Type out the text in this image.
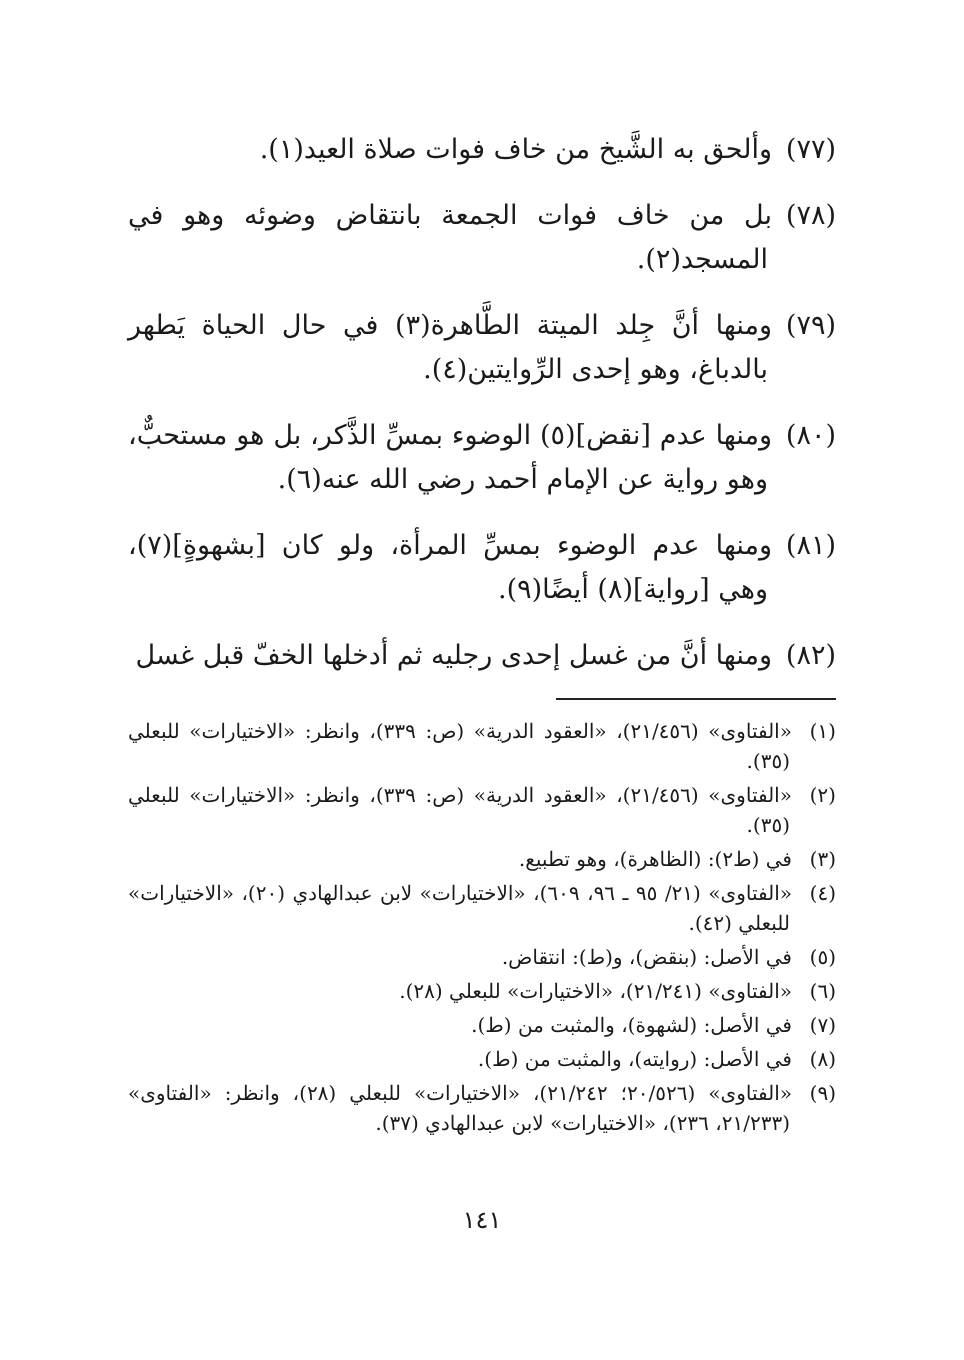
(٧٧)وألحق به الشَّيخ من خاف فوات صلاة العيد(١).

(٧٨)بل من خاف فوات الجمعة بانتقاض وضوئه وهو في المسجد(٢).

(٧٩)ومنها أنَّ جِلد الميتة الطَّاهرة(٣) في حال الحياة يَطهر بالدباغ، وهو إحدى الرِّوايتين(٤).

(٨٠)ومنها عدم [نقض](٥) الوضوء بمسِّ الذَّكر، بل هو مستحبٌّ، وهو رواية عن الإمام أحمد رضي الله عنه(٦).

(٨١)ومنها عدم الوضوء بمسِّ المرأة، ولو كان [بشهوةٍ](٧)، وهي [رواية](٨) أيضًا(٩).

(٨٢)ومنها أنَّ من غسل إحدى رجليه ثم أدخلها الخفّ قبل غسل

(١)«الفتاوى» (٢١/٤٥٦)، «العقود الدرية» (ص: ٣٣٩)، وانظر: «الاختيارات» للبعلي (٣٥).

(٢)«الفتاوى» (٢١/٤٥٦)، «العقود الدرية» (ص: ٣٣٩)، وانظر: «الاختيارات» للبعلي (٣٥).

(٣)في (ط٢): (الظاهرة)، وهو تطبيع.

(٤)«الفتاوى» (٢١/ ٩٥ ـ ٩٦، ٦٠٩)، «الاختيارات» لابن عبدالهادي (٢٠)، «الاختيارات» للبعلي (٤٢).

(٥)في الأصل: (بنقض)، و(ط): انتقاض.

(٦)«الفتاوى» (٢١/٢٤١)، «الاختيارات» للبعلي (٢٨).

(٧)في الأصل: (لشهوة)، والمثبت من (ط).

(٨)في الأصل: (روايته)، والمثبت من (ط).

(٩)«الفتاوى» (٢٠/٥٢٦؛ ٢١/٢٤٢)، «الاختيارات» للبعلي (٢٨)، وانظر: «الفتاوى» (٢١/٢٣٣، ٢٣٦)، «الاختيارات» لابن عبدالهادي (٣٧).

١٤١
